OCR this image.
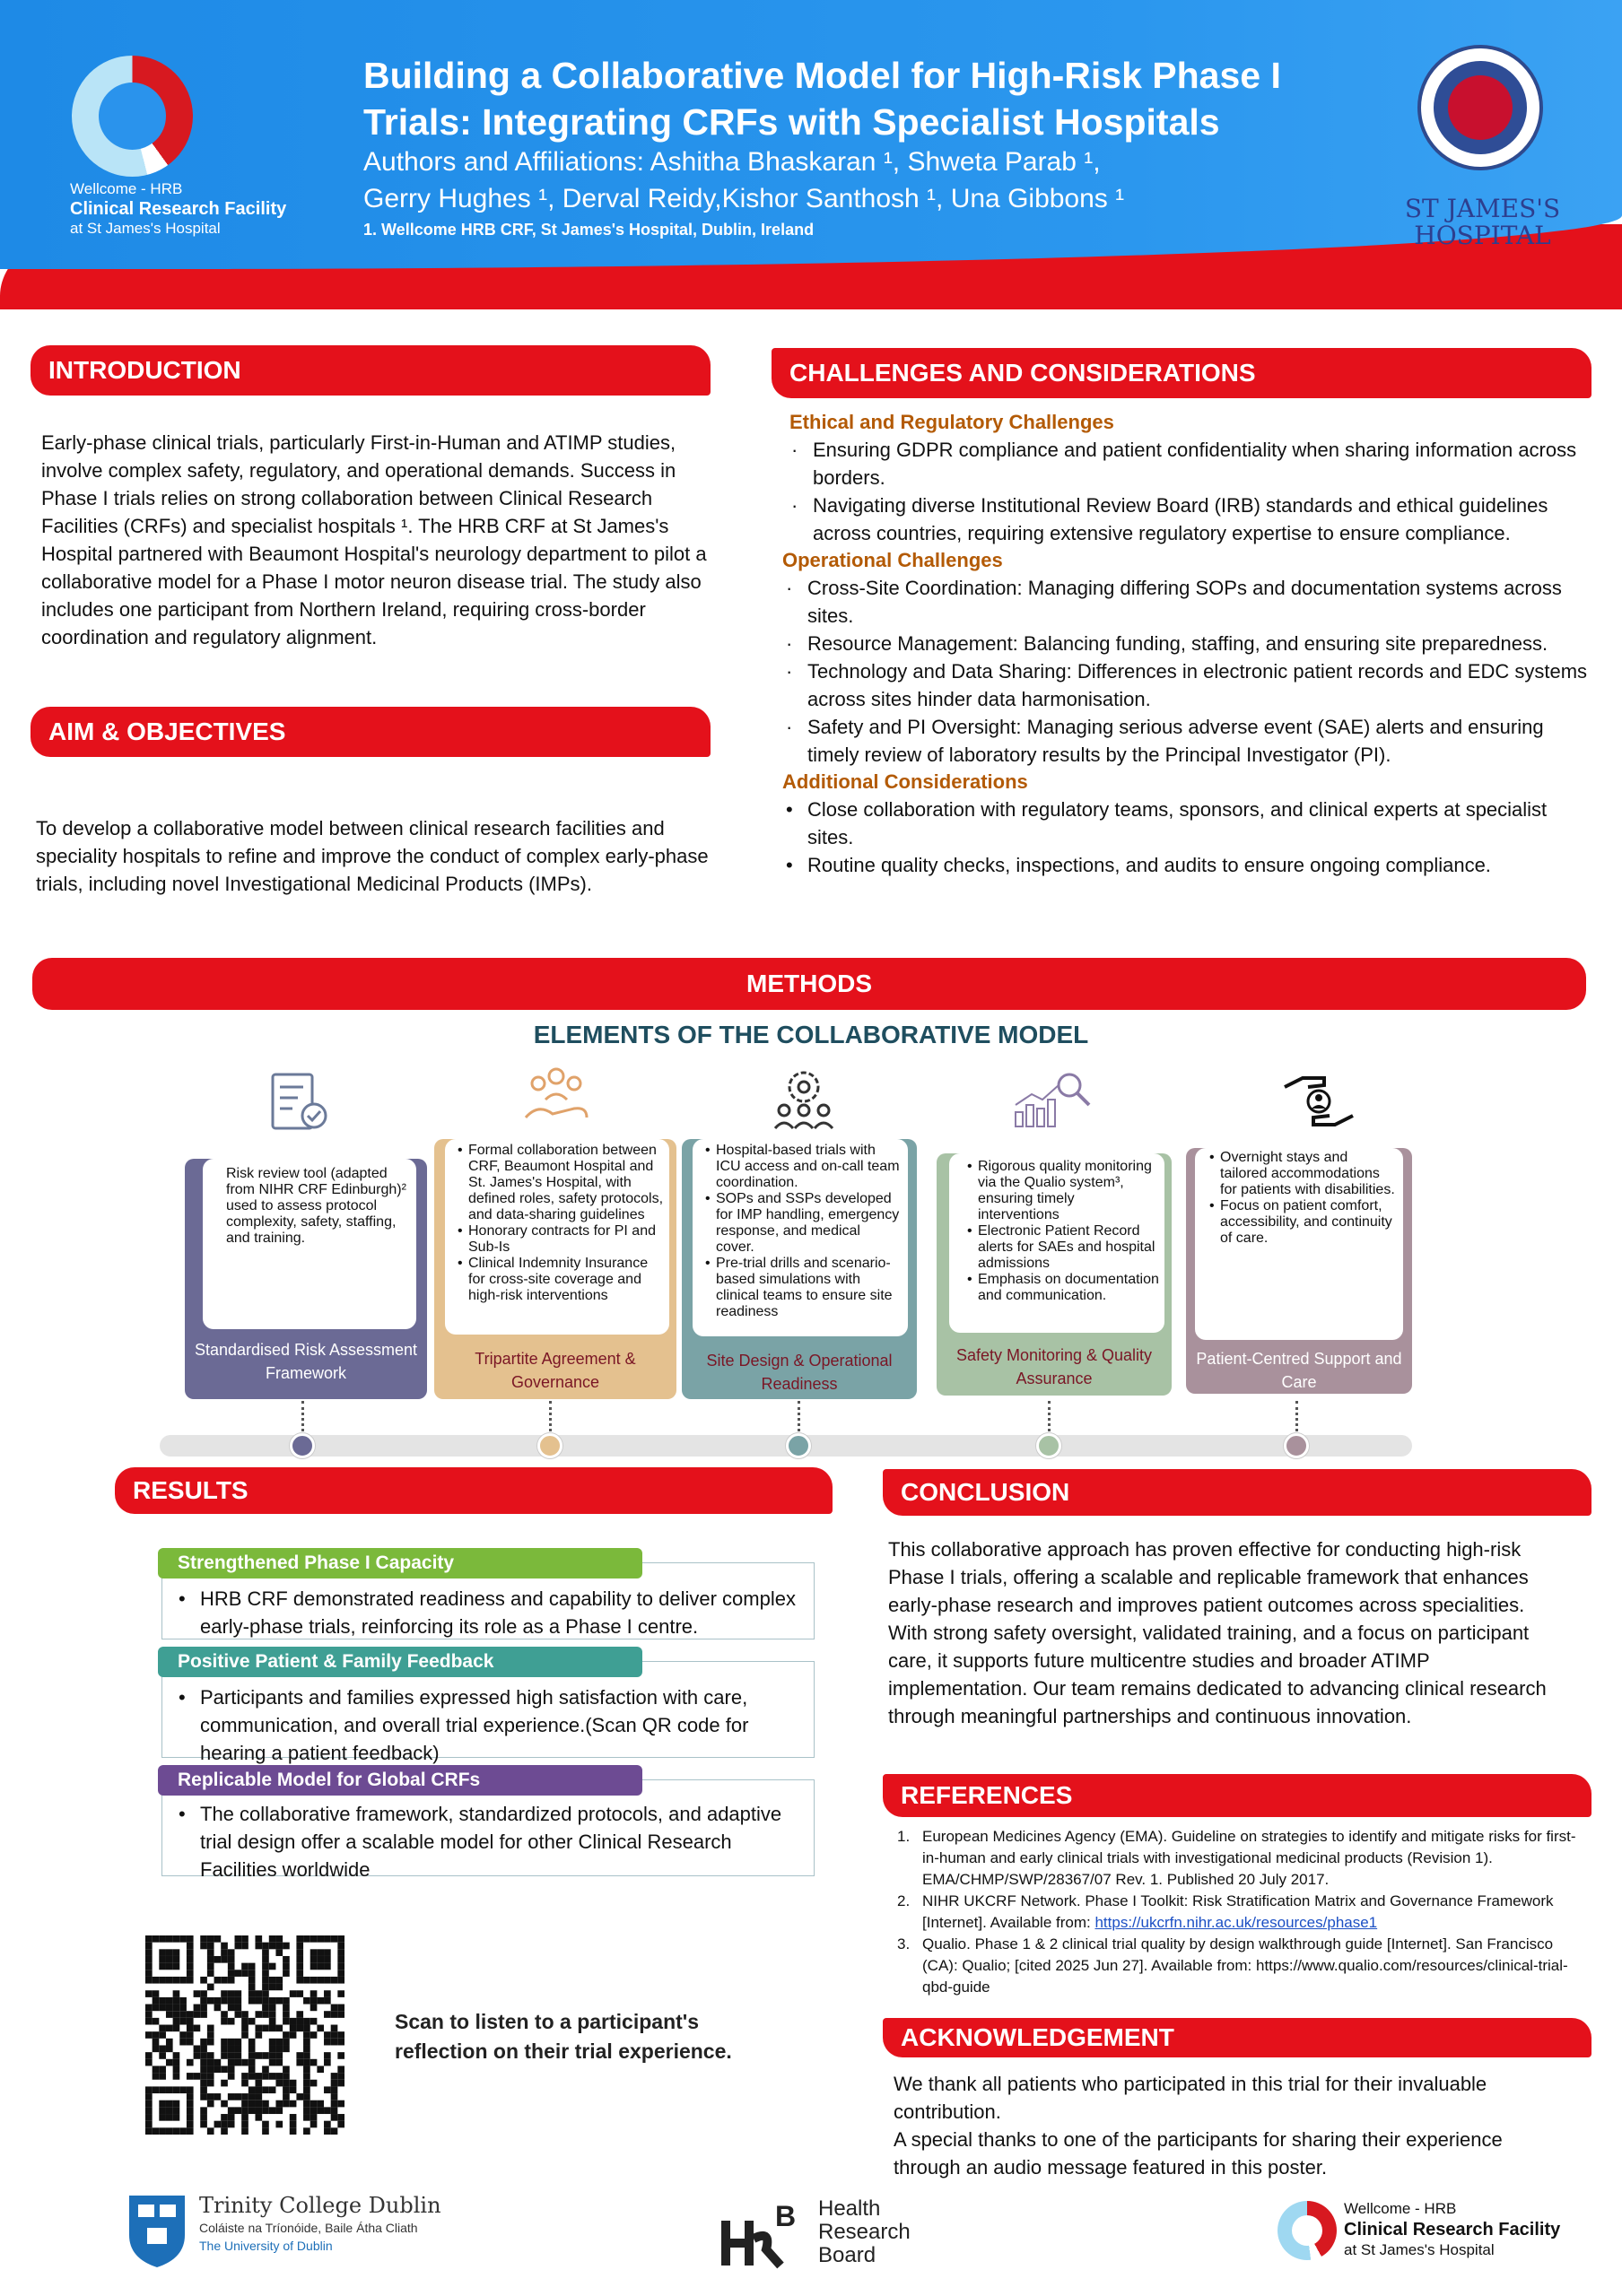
Wellcome - HRB
Clinical Research Facility
at St James's Hospital
Building a Collaborative Model for High-Risk Phase I
Trials: Integrating CRFs with Specialist Hospitals
Authors and Affiliations: Ashitha Bhaskaran ¹, Shweta Parab ¹,
Gerry Hughes ¹, Derval Reidy,Kishor Santhosh ¹, Una Gibbons ¹
1. Wellcome HRB CRF, St James's Hospital, Dublin, Ireland
ST JAMES'S
HOSPITAL
INTRODUCTION
Early-phase clinical trials, particularly First-in-Human and ATIMP studies, involve complex safety, regulatory, and operational demands. Success in Phase I trials relies on strong collaboration between Clinical Research Facilities (CRFs) and specialist hospitals ¹. The HRB CRF at St James's Hospital partnered with Beaumont Hospital's neurology department to pilot a collaborative model for a Phase I motor neuron disease trial. The study also includes one participant from Northern Ireland, requiring cross-border coordination and regulatory alignment.
AIM & OBJECTIVES
To develop a collaborative model between clinical research facilities and speciality hospitals to refine and improve the conduct of complex early-phase trials, including novel Investigational Medicinal Products (IMPs).
CHALLENGES AND CONSIDERATIONS
Ethical and Regulatory Challenges
· Ensuring GDPR compliance and patient confidentiality when sharing information across borders.
· Navigating diverse Institutional Review Board (IRB) standards and ethical guidelines across countries, requiring extensive regulatory expertise to ensure compliance.
Operational Challenges
· Cross-Site Coordination: Managing differing SOPs and documentation systems across sites.
· Resource Management: Balancing funding, staffing, and ensuring site preparedness.
· Technology and Data Sharing: Differences in electronic patient records and EDC systems across sites hinder data harmonisation.
· Safety and PI Oversight: Managing serious adverse event (SAE) alerts and ensuring timely review of laboratory results by the Principal Investigator (PI).
Additional Considerations
• Close collaboration with regulatory teams, sponsors, and clinical experts at specialist sites.
• Routine quality checks, inspections, and audits to ensure ongoing compliance.
METHODS
ELEMENTS OF THE COLLABORATIVE MODEL

Risk review tool (adapted from NIHR CRF Edinburgh)² used to assess protocol complexity, safety, staffing, and training.

Standardised Risk Assessment Framework
• Formal collaboration between CRF, Beaumont Hospital and St. James's Hospital, with defined roles, safety protocols, and data-sharing guidelines
• Honorary contracts for PI and Sub-Is
• Clinical Indemnity Insurance for cross-site coverage and high-risk interventions
Tripartite Agreement & Governance
• Hospital-based trials with ICU access and on-call team coordination.
• SOPs and SSPs developed for IMP handling, emergency response, and medical cover.
• Pre-trial drills and scenario-based simulations with clinical teams to ensure site readiness
Site Design & Operational Readiness
• Rigorous quality monitoring via the Qualio system³, ensuring timely interventions
• Electronic Patient Record alerts for SAEs and hospital admissions
• Emphasis on documentation and communication.
Safety Monitoring & Quality Assurance
• Overnight stays and tailored accommodations for patients with disabilities.
• Focus on patient comfort, accessibility, and continuity of care.
Patient-Centred Support and Care
RESULTS
• HRB CRF demonstrated readiness and capability to deliver complex early-phase trials, reinforcing its role as a Phase I centre.
Strengthened Phase I Capacity
• Participants and families expressed high satisfaction with care, communication, and overall trial experience.(Scan QR code for hearing a patient feedback)
Positive Patient & Family Feedback
• The collaborative framework, standardized protocols, and adaptive trial design offer a scalable model for other Clinical Research Facilities worldwide
Replicable Model for Global CRFs
Scan to listen to a participant's reflection on their trial experience.
CONCLUSION
This collaborative approach has proven effective for conducting high-risk Phase I trials, offering a scalable and replicable framework that enhances early-phase research and improves patient outcomes across specialities. With strong safety oversight, validated training, and a focus on participant care, it supports future multicentre studies and broader ATIMP implementation. Our team remains dedicated to advancing clinical research through meaningful partnerships and continuous innovation.
REFERENCES
1. European Medicines Agency (EMA). Guideline on strategies to identify and mitigate risks for first-in-human and early clinical trials with investigational medicinal products (Revision 1). EMA/CHMP/SWP/28367/07 Rev. 1. Published 20 July 2017.
2. NIHR UKCRF Network. Phase I Toolkit: Risk Stratification Matrix and Governance Framework [Internet]. Available from: https://ukcrfn.nihr.ac.uk/resources/phase1
3. Qualio. Phase 1 & 2 clinical trial quality by design walkthrough guide [Internet]. San Francisco (CA): Qualio; [cited 2025 Jun 27]. Available from: https://www.qualio.com/resources/clinical-trial-qbd-guide
ACKNOWLEDGEMENT
We thank all patients who participated in this trial for their invaluable contribution.
A special thanks to one of the participants for sharing their experience through an audio message featured in this poster.
Trinity College Dublin
Coláiste na Tríonóide, Baile Átha Cliath
The University of Dublin
B Health
Research
Board
Wellcome - HRB
Clinical Research Facility
at St James's Hospital
